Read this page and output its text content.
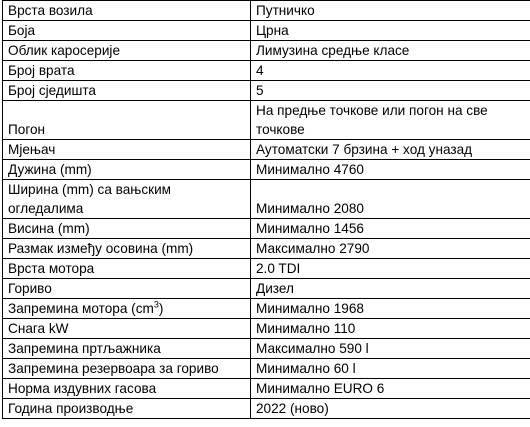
Врста возила	Путничко
Боја	Црна
Облик каросерије	Лимузина средње класе
Број врата	4
Број сједишта	5
Погон	На предње точкове или погон на све точкове
Мјењач	Аутоматски 7 брзина + ход уназад
Дужина (mm)	Минимално 4760
Ширина (mm) са вањским огледалима	Минимално 2080
Висина (mm)	Минимално 1456
Размак између осовина (mm)	Максимално 2790
Врста мотора	2.0 TDI
Гориво	Дизел
Запремина мотора $(cm^3)$	Минимално 1968
Снага kW	Минимално 110
Запремина пртљажника	Максимално 590 l
Запремина резервоара за гориво	Минимално 60 l
Норма издувних гасова	Минимално EURO 6
Година производње	2022 (ново)
